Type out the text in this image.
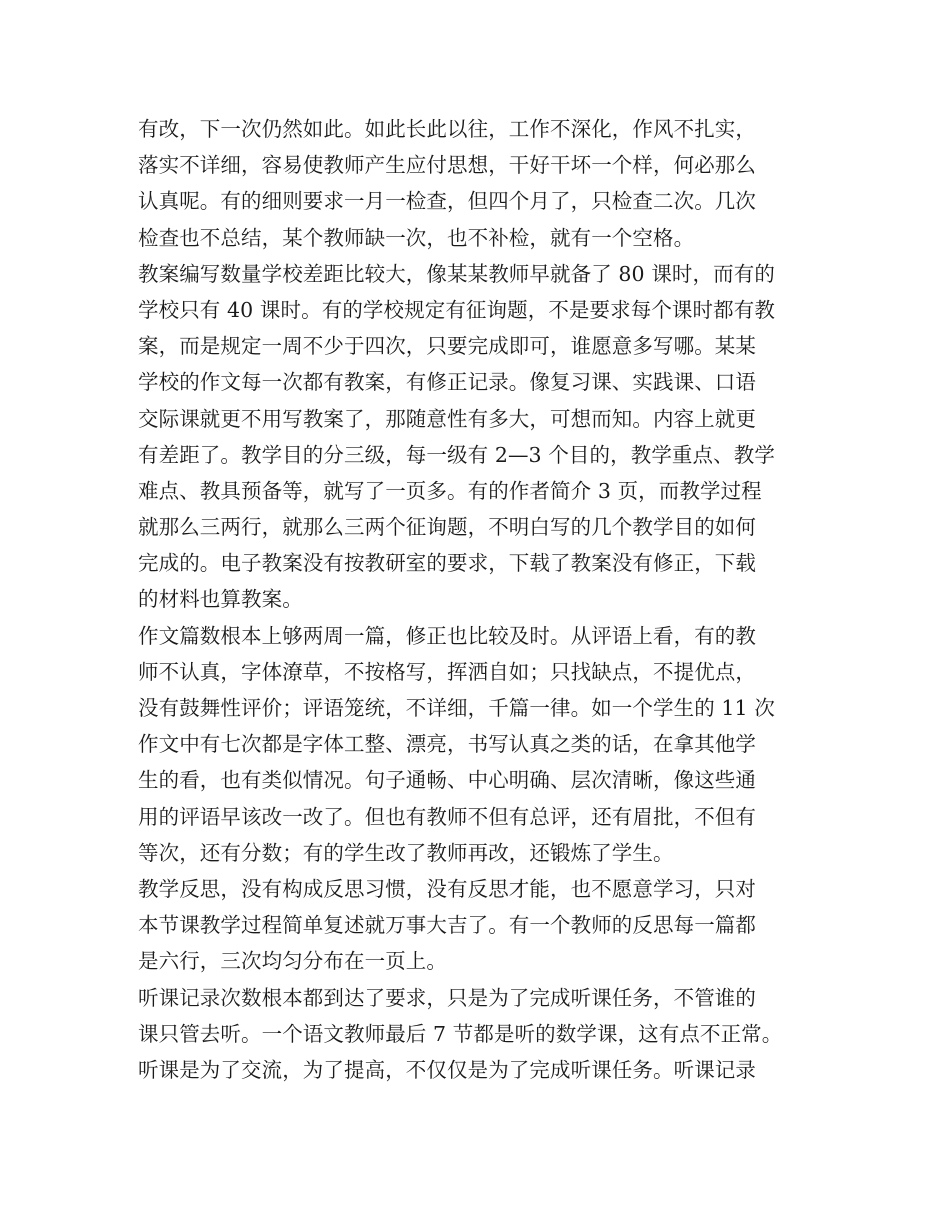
有改，下一次仍然如此。如此长此以往，工作不深化，作风不扎实，
落实不详细，容易使教师产生应付思想，干好干坏一个样，何必那么
认真呢。有的细则要求一月一检查，但四个月了，只检查二次。几次
检查也不总结，某个教师缺一次，也不补检，就有一个空格。
教案编写数量学校差距比较大，像某某教师早就备了 80 课时，而有的
学校只有 40 课时。有的学校规定有征询题，不是要求每个课时都有教
案，而是规定一周不少于四次，只要完成即可，谁愿意多写哪。某某
学校的作文每一次都有教案，有修正记录。像复习课、实践课、口语
交际课就更不用写教案了，那随意性有多大，可想而知。内容上就更
有差距了。教学目的分三级，每一级有 2—3 个目的，教学重点、教学
难点、教具预备等，就写了一页多。有的作者简介 3 页，而教学过程
就那么三两行，就那么三两个征询题，不明白写的几个教学目的如何
完成的。电子教案没有按教研室的要求，下载了教案没有修正，下载
的材料也算教案。
作文篇数根本上够两周一篇，修正也比较及时。从评语上看，有的教
师不认真，字体潦草，不按格写，挥洒自如；只找缺点，不提优点，
没有鼓舞性评价；评语笼统，不详细，千篇一律。如一个学生的 11 次
作文中有七次都是字体工整、漂亮，书写认真之类的话，在拿其他学
生的看，也有类似情况。句子通畅、中心明确、层次清晰，像这些通
用的评语早该改一改了。但也有教师不但有总评，还有眉批，不但有
等次，还有分数；有的学生改了教师再改，还锻炼了学生。
教学反思，没有构成反思习惯，没有反思才能，也不愿意学习，只对
本节课教学过程简单复述就万事大吉了。有一个教师的反思每一篇都
是六行，三次均匀分布在一页上。
听课记录次数根本都到达了要求，只是为了完成听课任务，不管谁的
课只管去听。一个语文教师最后 7 节都是听的数学课，这有点不正常。
听课是为了交流，为了提高，不仅仅是为了完成听课任务。听课记录
